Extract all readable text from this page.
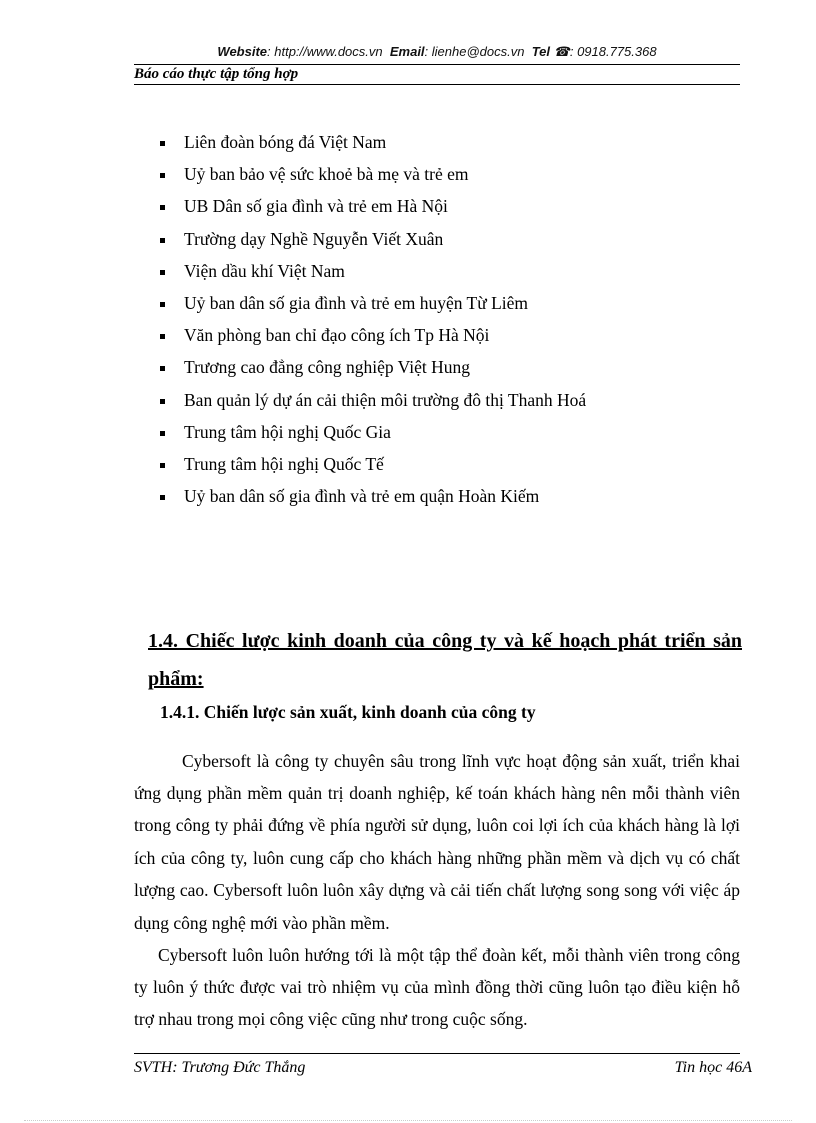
Website: http://www.docs.vn Email: lienhe@docs.vn Tel ☎: 0918.775.368
Báo cáo thực tập tổng hợp
Liên đoàn bóng đá Việt Nam
Uỷ ban bảo vệ sức khoẻ bà mẹ và trẻ em
UB Dân số gia đình và trẻ em Hà Nội
Trường dạy Nghề Nguyễn Viết Xuân
Viện dầu khí Việt Nam
Uỷ ban dân số gia đình và trẻ em huyện Từ Liêm
Văn phòng ban chỉ đạo công ích Tp Hà Nội
Trương cao đẳng công nghiệp Việt Hung
Ban quản lý dự án cải thiện môi trường đô thị Thanh Hoá
Trung tâm hội nghị Quốc Gia
Trung tâm hội nghị Quốc Tế
Uỷ ban dân số gia đình và trẻ em quận Hoàn Kiếm
1.4. Chiếc lược kinh doanh của công ty và kế hoạch phát triển sản phẩm:
1.4.1. Chiến lược sản xuất, kinh doanh của công ty

Cybersoft là công ty chuyên sâu trong lĩnh vực hoạt động sản xuất, triển khai ứng dụng phần mềm quản trị doanh nghiệp, kế toán khách hàng nên mỗi thành viên trong công ty phải đứng về phía người sử dụng, luôn coi lợi ích của khách hàng là lợi ích của công ty, luôn cung cấp cho khách hàng những phần mềm và dịch vụ có chất lượng cao. Cybersoft luôn luôn xây dựng và cải tiến chất lượng song song với việc áp dụng công nghệ mới vào phần mềm.

Cybersoft luôn luôn hướng tới là một tập thể đoàn kết, mỗi thành viên trong công ty luôn ý thức được vai trò nhiệm vụ của mình đồng thời cũng luôn tạo điều kiện hỗ trợ nhau trong mọi công việc cũng như trong cuộc sống.

SVTH: Trương Đức Thắng	Tin học 46A
